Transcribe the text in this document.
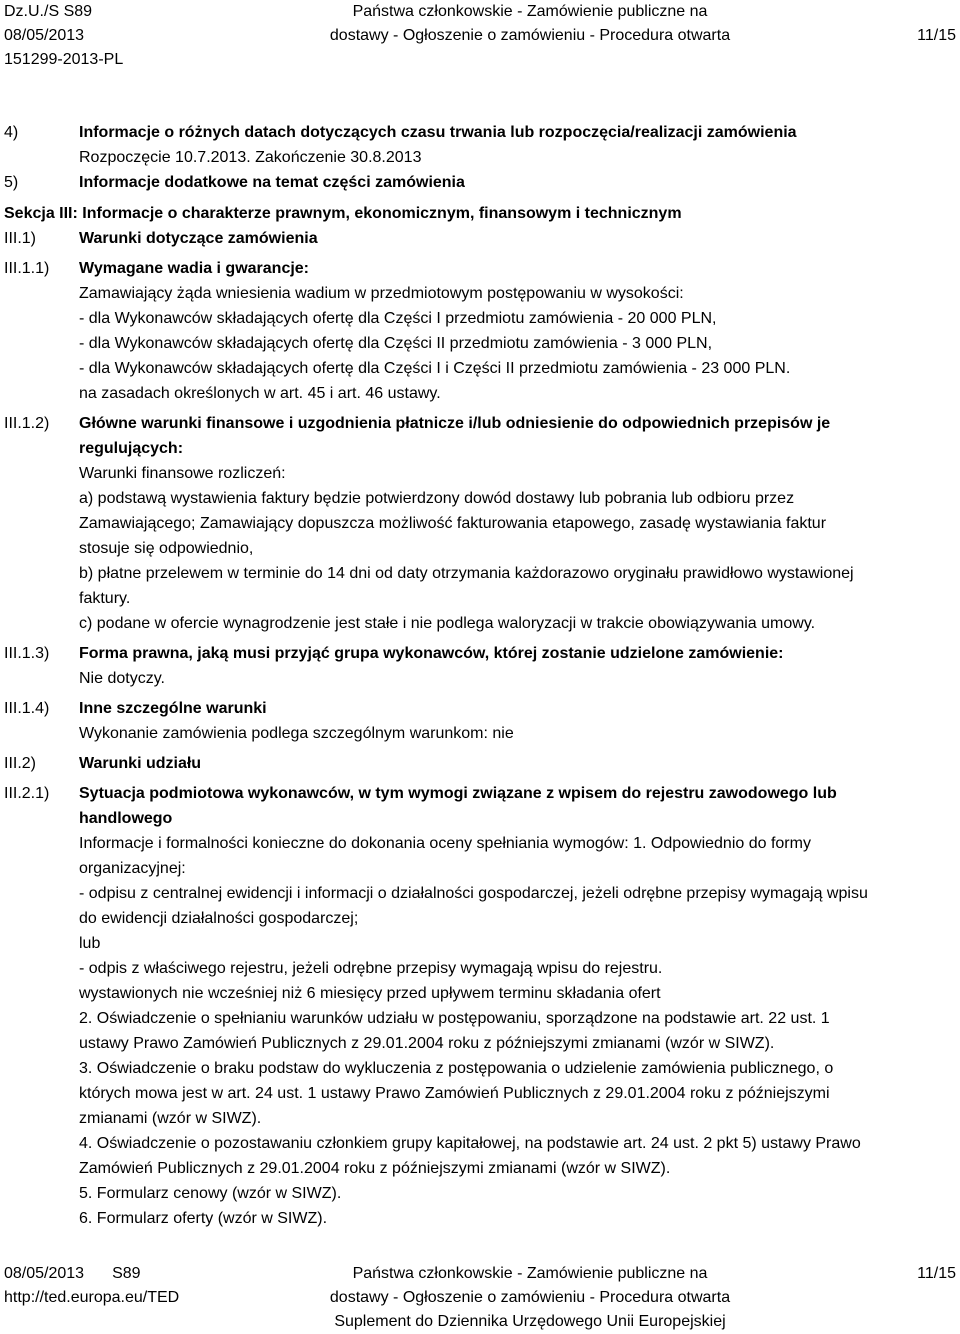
Dz.U./S S89
08/05/2013
151299-2013-PL
Państwa członkowskie - Zamówienie publiczne na
dostawy - Ogłoszenie o zamówieniu - Procedura otwarta	11/15
4)	Informacje o różnych datach dotyczących czasu trwania lub rozpoczęcia/realizacji zamówienia
Rozpoczęcie 10.7.2013. Zakończenie 30.8.2013
5)	Informacje dodatkowe na temat części zamówienia
Sekcja III: Informacje o charakterze prawnym, ekonomicznym, finansowym i technicznym
III.1)	Warunki dotyczące zamówienia
III.1.1)	Wymagane wadia i gwarancje:
Zamawiający żąda wniesienia wadium w przedmiotowym postępowaniu w wysokości:
- dla Wykonawców składających ofertę dla Części I przedmiotu zamówienia - 20 000 PLN,
- dla Wykonawców składających ofertę dla Części II przedmiotu zamówienia - 3 000 PLN,
- dla Wykonawców składających ofertę dla Części I i Części II przedmiotu zamówienia - 23 000 PLN.
na zasadach określonych w art. 45 i art. 46 ustawy.
III.1.2)	Główne warunki finansowe i uzgodnienia płatnicze i/lub odniesienie do odpowiednich przepisów je
regulujących:
Warunki finansowe rozliczeń:
a) podstawą wystawienia faktury będzie potwierdzony dowód dostawy lub pobrania lub odbioru przez
Zamawiającego; Zamawiający dopuszcza możliwość fakturowania etapowego, zasadę wystawiania faktur
stosuje się odpowiednio,
b) płatne przelewem w terminie do 14 dni od daty otrzymania każdorazowo oryginału prawidłowo wystawionej
faktury.
c) podane w ofercie wynagrodzenie jest stałe i nie podlega waloryzacji w trakcie obowiązywania umowy.
III.1.3)	Forma prawna, jaką musi przyjąć grupa wykonawców, której zostanie udzielone zamówienie:
Nie dotyczy.
III.1.4)	Inne szczególne warunki
Wykonanie zamówienia podlega szczególnym warunkom: nie
III.2)	Warunki udziału
III.2.1)	Sytuacja podmiotowa wykonawców, w tym wymogi związane z wpisem do rejestru zawodowego lub
handlowego
Informacje i formalności konieczne do dokonania oceny spełniania wymogów: 1. Odpowiednio do formy
organizacyjnej:
- odpisu z centralnej ewidencji i informacji o działalności gospodarczej, jeżeli odrębne przepisy wymagają wpisu
do ewidencji działalności gospodarczej;
lub
- odpis z właściwego rejestru, jeżeli odrębne przepisy wymagają wpisu do rejestru.
wystawionych nie wcześniej niż 6 miesięcy przed upływem terminu składania ofert
2. Oświadczenie o spełnianiu warunków udziału w postępowaniu, sporządzone na podstawie art. 22 ust. 1
ustawy Prawo Zamówień Publicznych z 29.01.2004 roku z późniejszymi zmianami (wzór w SIWZ).
3. Oświadczenie o braku podstaw do wykluczenia z postępowania o udzielenie zamówienia publicznego, o
których mowa jest w art. 24 ust. 1 ustawy Prawo Zamówień Publicznych z 29.01.2004 roku z późniejszymi
zmianami (wzór w SIWZ).
4. Oświadczenie o pozostawaniu członkiem grupy kapitałowej, na podstawie art. 24 ust. 2 pkt 5) ustawy Prawo
Zamówień Publicznych z 29.01.2004 roku z późniejszymi zmianami (wzór w SIWZ).
5. Formularz cenowy (wzór w SIWZ).
6. Formularz oferty (wzór w SIWZ).
08/05/2013 S89
http://ted.europa.eu/TED
Państwa członkowskie - Zamówienie publiczne na
dostawy - Ogłoszenie o zamówieniu - Procedura otwarta
Suplement do Dziennika Urzędowego Unii Europejskiej
11/15
